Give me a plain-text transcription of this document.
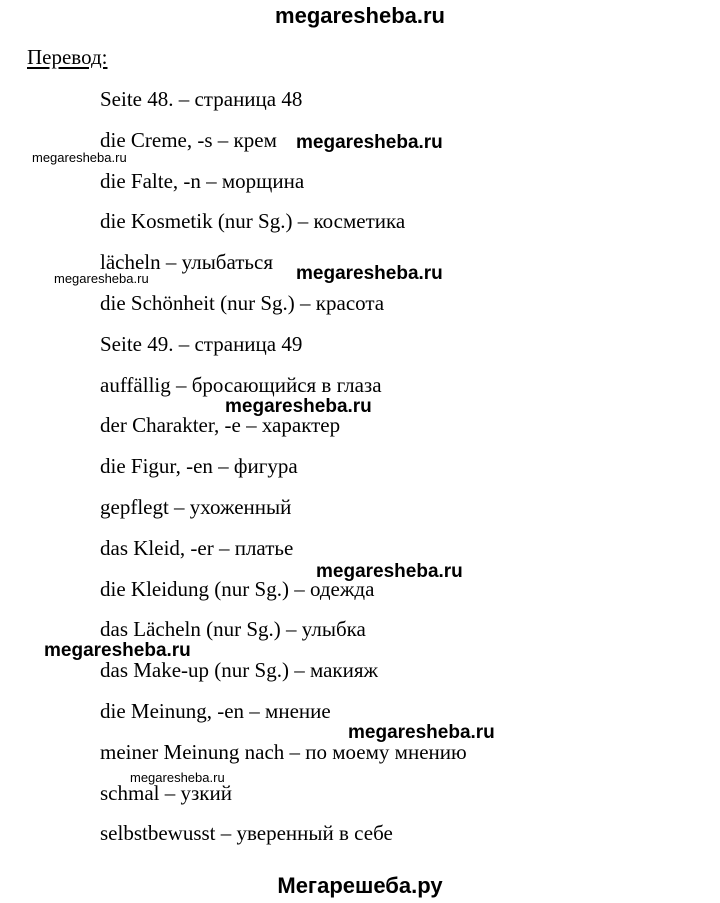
megaresheba.ru
Перевод:
Seite 48. – страница 48
die Creme, -s – крем
die Falte, -n – морщина
die Kosmetik (nur Sg.) – косметика
lächeln – улыбаться
die Schönheit (nur Sg.) – красота
Seite 49. – страница 49
auffällig – бросающийся в глаза
der Charakter, -e – характер
die Figur, -en – фигура
gepflegt – ухоженный
das Kleid, -er – платье
die Kleidung (nur Sg.) – одежда
das Lächeln (nur Sg.) – улыбка
das Make-up (nur Sg.) – макияж
die Meinung, -en – мнение
meiner Meinung nach – по моему мнению
schmal – узкий
selbstbewusst – уверенный в себе
megaresheba.ru
megaresheba.ru
megaresheba.ru	megaresheba.ru
megaresheba.ru
megaresheba.ru
megaresheba.ru
megaresheba.ru
megaresheba.ru
Мегарешеба.ру
